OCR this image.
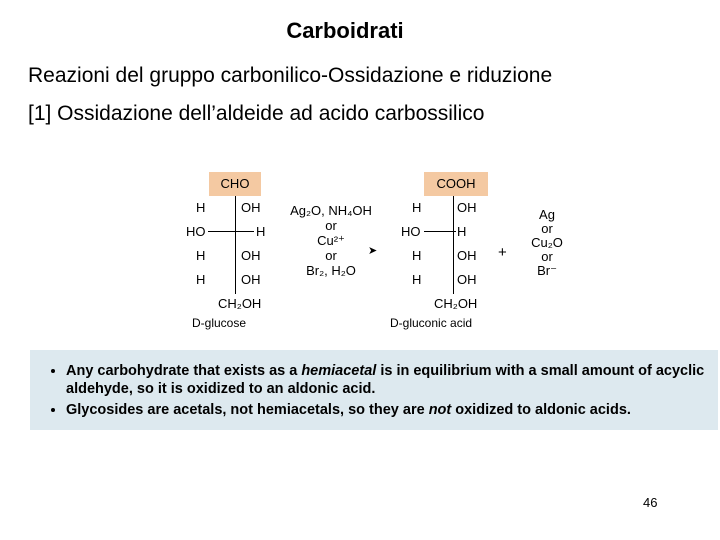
Carboidrati
Reazioni del gruppo carbonilico-Ossidazione e riduzione
[1] Ossidazione dell’aldeide ad acido carbossilico
CHO
H	OH
HO	H
H	OH
H	OH
CH₂OH
D-glucose
Ag₂O, NH₄OH
or
Cu²⁺
or
Br₂, H₂O
➤
COOH
H	OH
HO	H
H	OH
H	OH
CH₂OH
D-gluconic acid
+
Ag
or
Cu₂O
or
Br⁻
• Any carbohydrate that exists as a hemiacetal is in equilibrium with a small amount of acyclic aldehyde, so it is oxidized to an aldonic acid.
• Glycosides are acetals, not hemiacetals, so they are not oxidized to aldonic acids.
46
